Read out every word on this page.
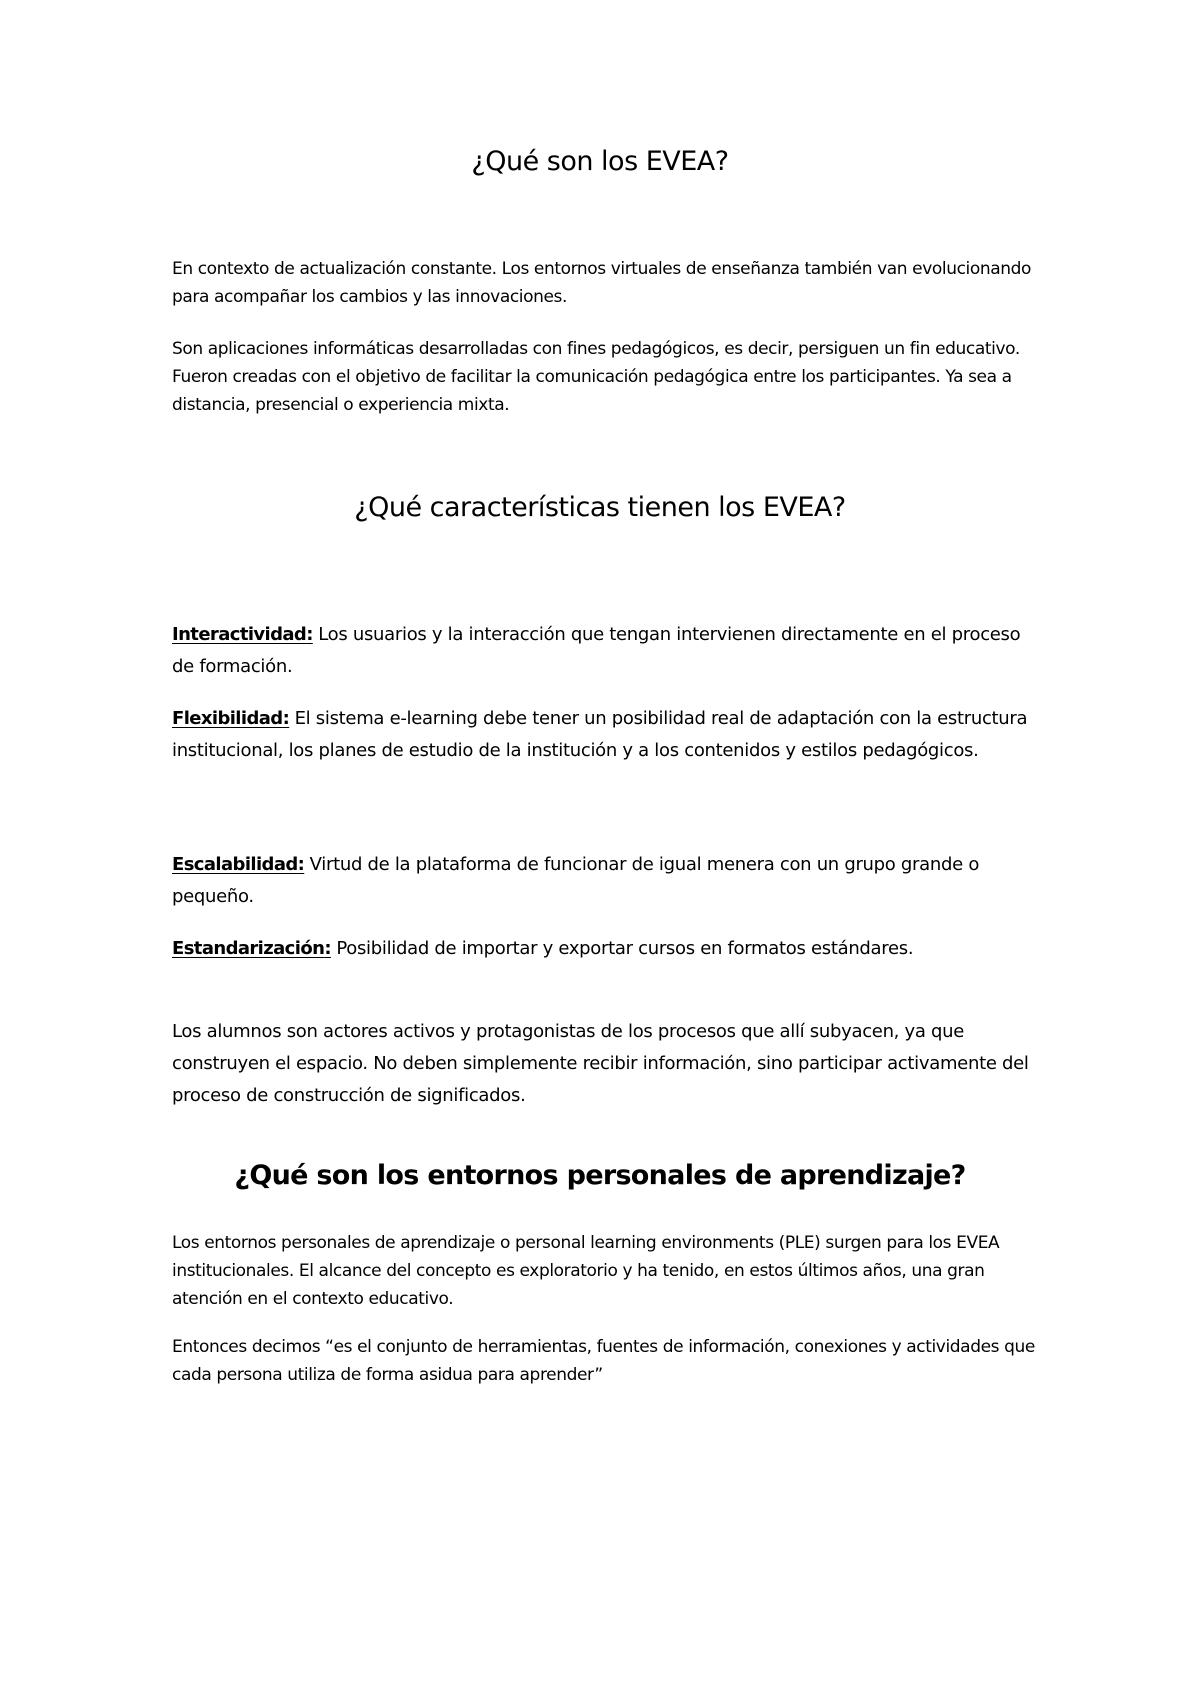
¿Qué son los EVEA?

En contexto de actualización constante. Los entornos virtuales de enseñanza también van evolucionando para acompañar los cambios y las innovaciones.

Son aplicaciones informáticas desarrolladas con fines pedagógicos, es decir, persiguen un fin educativo. Fueron creadas con el objetivo de facilitar la comunicación pedagógica entre los participantes. Ya sea a distancia, presencial o experiencia mixta.

¿Qué características tienen los EVEA?

Interactividad: Los usuarios y la interacción que tengan intervienen directamente en el proceso de formación.

Flexibilidad: El sistema e-learning debe tener un posibilidad real de adaptación con la estructura institucional, los planes de estudio de la institución y a los contenidos y estilos pedagógicos.

Escalabilidad: Virtud de la plataforma de funcionar de igual menera con un grupo grande o pequeño.

Estandarización: Posibilidad de importar y exportar cursos en formatos estándares.

Los alumnos son actores activos y protagonistas de los procesos que allí subyacen, ya que construyen el espacio. No deben simplemente recibir información, sino participar activamente del proceso de construcción de significados.

¿Qué son los entornos personales de aprendizaje?

Los entornos personales de aprendizaje o personal learning environments (PLE) surgen para los EVEA institucionales. El alcance del concepto es exploratorio y ha tenido, en estos últimos años, una gran atención en el contexto educativo.

Entonces decimos “es el conjunto de herramientas, fuentes de información, conexiones y actividades que cada persona utiliza de forma asidua para aprender”
